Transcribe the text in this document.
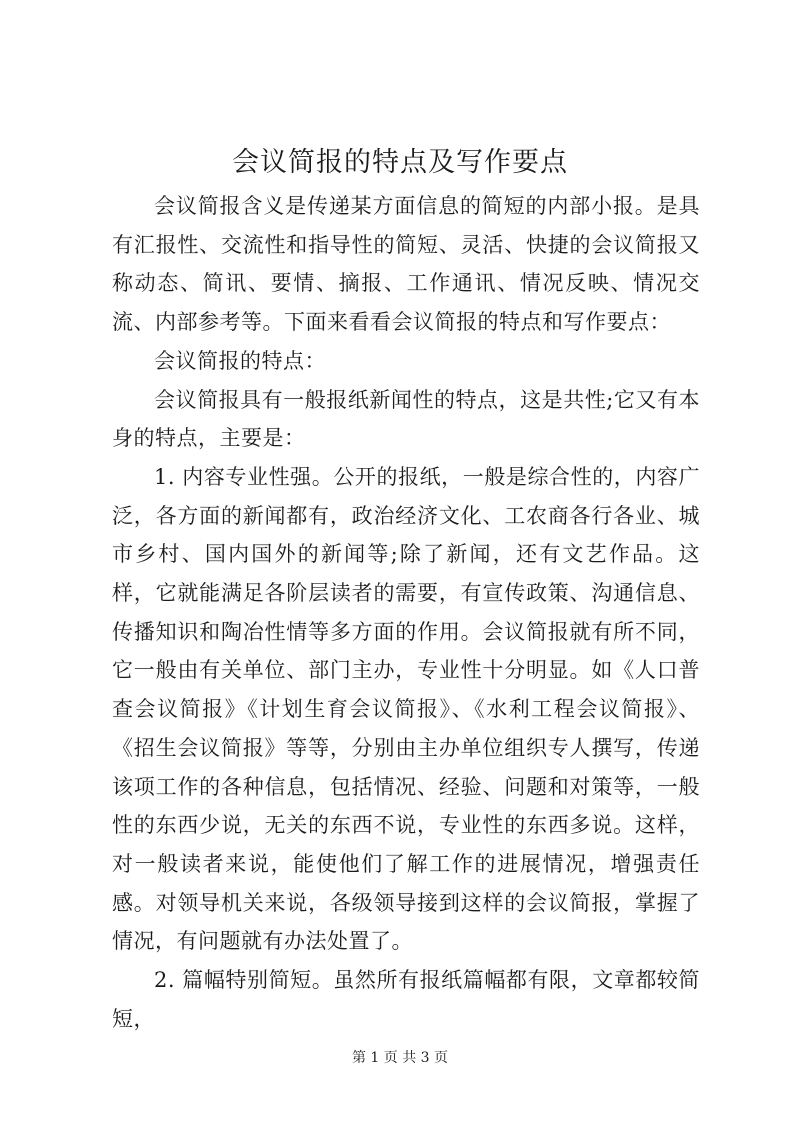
会议简报的特点及写作要点

会议简报含义是传递某方面信息的简短的内部小报。是具有汇报性、交流性和指导性的简短、灵活、快捷的会议简报又称动态、简讯、要情、摘报、工作通讯、情况反映、情况交流、内部参考等。下面来看看会议简报的特点和写作要点：

会议简报的特点：

会议简报具有一般报纸新闻性的特点，这是共性;它又有本身的特点，主要是：

1. 内容专业性强。公开的报纸，一般是综合性的，内容广泛，各方面的新闻都有，政治经济文化、工农商各行各业、城市乡村、国内国外的新闻等;除了新闻，还有文艺作品。这样，它就能满足各阶层读者的需要，有宣传政策、沟通信息、传播知识和陶冶性情等多方面的作用。会议简报就有所不同，它一般由有关单位、部门主办，专业性十分明显。如《人口普查会议简报》《计划生育会议简报》、《水利工程会议简报》、《招生会议简报》等等，分别由主办单位组织专人撰写，传递该项工作的各种信息，包括情况、经验、问题和对策等，一般性的东西少说，无关的东西不说，专业性的东西多说。这样，对一般读者来说，能使他们了解工作的进展情况，增强责任感。对领导机关来说，各级领导接到这样的会议简报，掌握了情况，有问题就有办法处置了。

2. 篇幅特别简短。虽然所有报纸篇幅都有限，文章都较简短，

第 1 页 共 3 页
